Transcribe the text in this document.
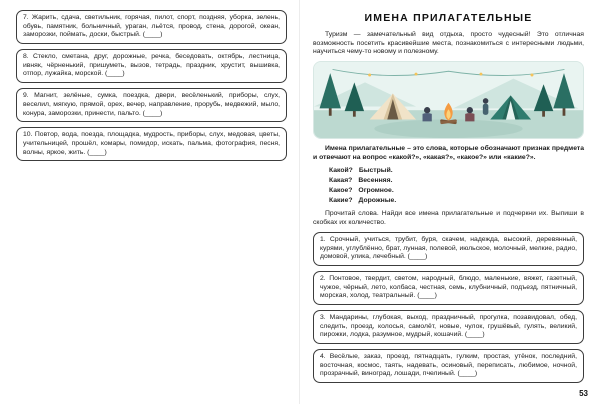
7. Жарить, сдача, светильник, горячая, пилот, спорт, поздняя, уборка, зелень, обувь, памятник, больничный, ураган, льётся, провод, стена, дорогой, океан, заморозки, поймать, доски, быстрый. (____)
8. Стекло, сметана, друг, дорожные, речка, беседовать, октябрь, лестница, ивняк, чёрненький, пришуметь, вызов, тетрадь, праздник, хрустит, вышивка, отпор, лужайка, морской. (____)
9. Магнит, зелёные, сумка, поездка, двери, весёленький, приборы, слух, веселил, мягкую, прямой, орех, вечер, направление, прорубь, медвежий, мыло, конура, заморозки, принести, пальто. (____)
10. Повтор, вода, поезда, площадка, мудрость, приборы, слух, медовая, цветы, учительницей, прошёл, комары, помидор, искать, пальма, фотография, песня, волны, яркое, жить. (____)
ИМЕНА ПРИЛАГАТЕЛЬНЫЕ

Туризм — замечательный вид отдыха, просто чудесный! Это отличная возможность посетить красивейшие места, познакомиться с интересными людьми, научиться чему-то новому и полезному.

Имена прилагательные – это слова, которые обозначают признак предмета и отвечают на вопрос «какой?», «какая?», «какое?» или «какие?».

Какой? Быстрый.
Какая? Весенняя.
Какое? Огромное.
Какие? Дорожные.

Прочитай слова. Найди все имена прилагательные и подчеркни их. Выпиши в скобках их количество.

1. Срочный, учиться, трубит, буря, скачем, надежда, высокий, деревянный, курями, углублённо, брат, лунная, полевой, июльское, молочный, мелкие, радио, домовой, улика, лечебный. (____)
2. Понтовое, твердит, светом, народный, блюдо, маленькие, вяжет, газетный, чужое, чёрный, лето, колбаса, честная, семь, клубничный, подъезд, пятничный, морская, холод, театральный. (____)
3. Мандарины, глубокая, выход, праздничный, прогулка, позавидовал, обед, следить, проезд, колосья, самолёт, новые, чулок, грушёвый, гулять, великий, пирожки, лодка, разумное, мудрый, кошачий. (____)
4. Весёлые, заказ, проезд, пятнадцать, гулким, простая, утёнок, последний, восточная, космос, таять, надевать, осиновый, переписать, любимое, ночной, прозрачный, виноград, лошади, пчелиный. (____)
53
